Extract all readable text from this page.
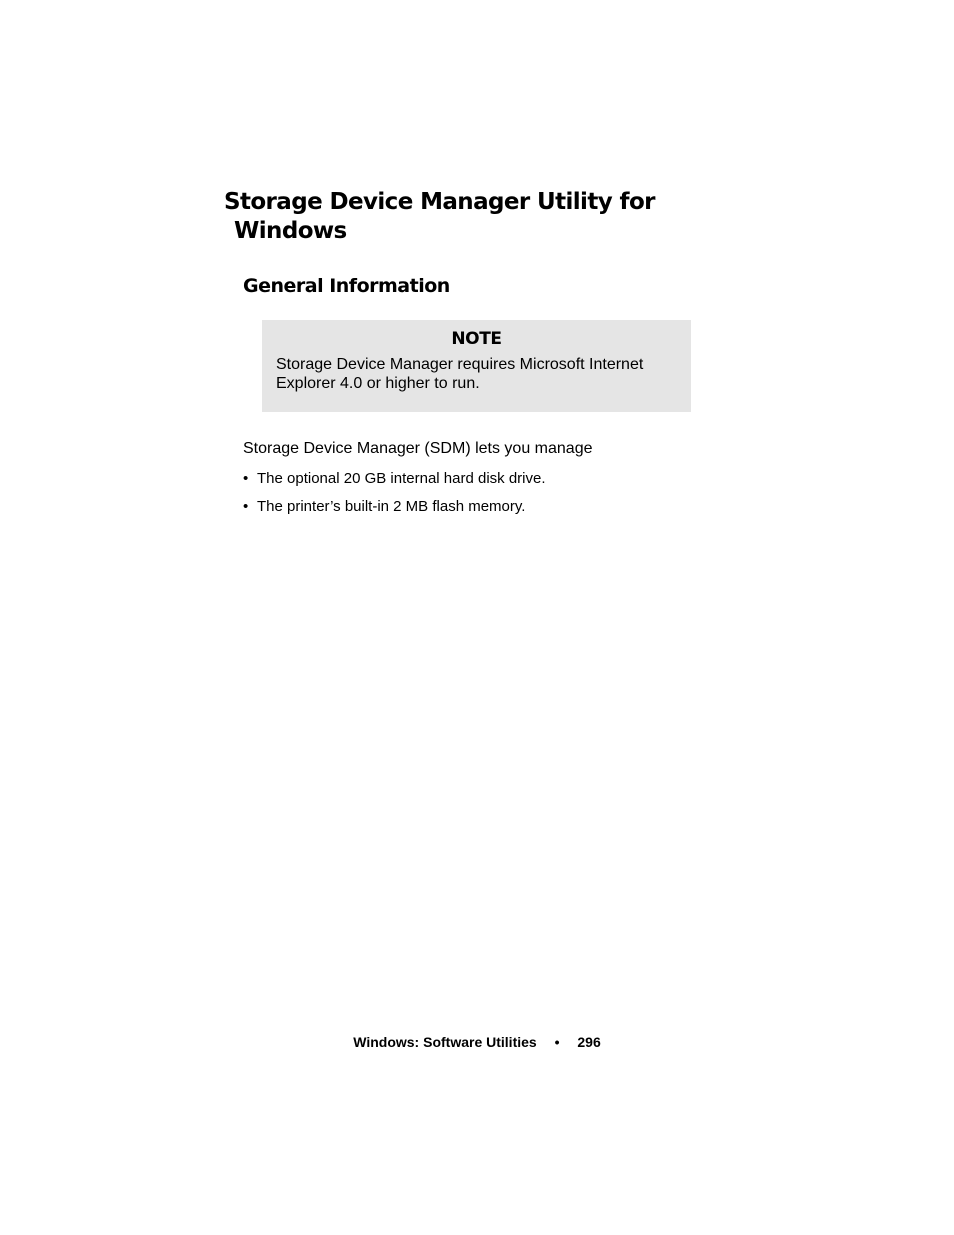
Storage Device Manager Utility for
Windows
General Information
NOTE

Storage Device Manager requires Microsoft Internet Explorer 4.0 or higher to run.

Storage Device Manager (SDM) lets you manage

• The optional 20 GB internal hard disk drive.
• The printer’s built-in 2 MB flash memory.
Windows: Software Utilities • 296
